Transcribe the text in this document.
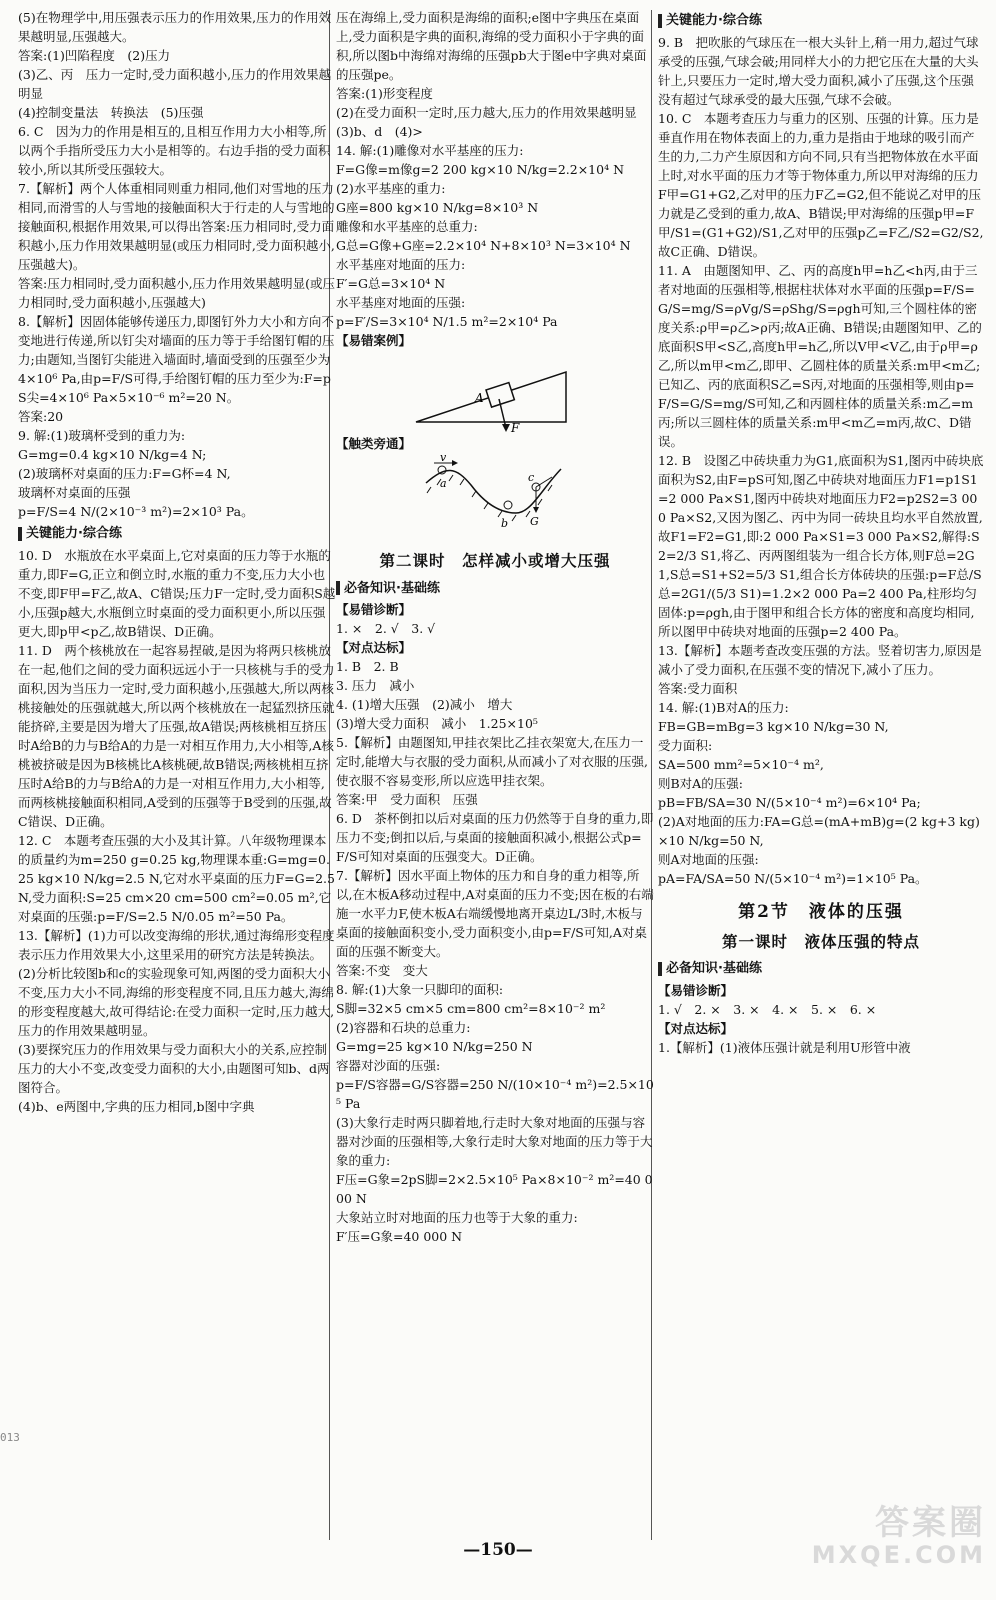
(5)在物理学中,用压强表示压力的作用效果,压力的作用效果越明显,压强越大。

答案:(1)凹陷程度　(2)压力

(3)乙、丙　压力一定时,受力面积越小,压力的作用效果越明显

(4)控制变量法　转换法　(5)压强

6. C　因为力的作用是相互的,且相互作用力大小相等,所以两个手指所受压力大小是相等的。右边手指的受力面积较小,所以其所受压强较大。

7.【解析】两个人体重相同则重力相同,他们对雪地的压力相同,而滑雪的人与雪地的接触面积大于行走的人与雪地的接触面积,根据作用效果,可以得出答案:压力相同时,受力面积越小,压力作用效果越明显(或压力相同时,受力面积越小,压强越大)。

答案:压力相同时,受力面积越小,压力作用效果越明显(或压力相同时,受力面积越小,压强越大)

8.【解析】因固体能够传递压力,即图钉外力大小和方向不变地进行传递,所以钉尖对墙面的压力等于手给图钉帽的压力;由题知,当图钉尖能进入墙面时,墙面受到的压强至少为4×10⁶ Pa,由p=F/S可得,手给图钉帽的压力至少为:F=pS尖=4×10⁶ Pa×5×10⁻⁶ m²=20 N。

答案:20

9. 解:(1)玻璃杯受到的重力为:

G=mg=0.4 kg×10 N/kg=4 N;

(2)玻璃杯对桌面的压力:F=G杯=4 N,

玻璃杯对桌面的压强

p=F/S=4 N/(2×10⁻³ m²)=2×10³ Pa。

关键能力·综合练

10. D　水瓶放在水平桌面上,它对桌面的压力等于水瓶的重力,即F=G,正立和倒立时,水瓶的重力不变,压力大小也不变,即F甲=F乙,故A、C错误;压力F一定时,受力面积S越小,压强p越大,水瓶倒立时桌面的受力面积更小,所以压强更大,即p甲<p乙,故B错误、D正确。

11. D　两个核桃放在一起容易捏破,是因为将两只核桃放在一起,他们之间的受力面积远远小于一只核桃与手的受力面积,因为当压力一定时,受力面积越小,压强越大,所以两核桃接触处的压强就越大,所以两个核桃放在一起猛烈挤压就能挤碎,主要是因为增大了压强,故A错误;两核桃相互挤压时A给B的力与B给A的力是一对相互作用力,大小相等,A核桃被挤破是因为B核桃比A核桃硬,故B错误;两核桃相互挤压时A给B的力与B给A的力是一对相互作用力,大小相等,而两核桃接触面积相同,A受到的压强等于B受到的压强,故C错误、D正确。

12. C　本题考查压强的大小及其计算。八年级物理课本的质量约为m=250 g=0.25 kg,物理课本重:G=mg=0.25 kg×10 N/kg=2.5 N,它对水平桌面的压力F=G=2.5 N,受力面积:S=25 cm×20 cm=500 cm²=0.05 m²,它对桌面的压强:p=F/S=2.5 N/0.05 m²=50 Pa。

13.【解析】(1)力可以改变海绵的形状,通过海绵形变程度表示压力作用效果大小,这里采用的研究方法是转换法。

(2)分析比较图b和c的实验现象可知,两图的受力面积大小不变,压力大小不同,海绵的形变程度不同,且压力越大,海绵的形变程度越大,故可得结论:在受力面积一定时,压力越大,压力的作用效果越明显。

(3)要探究压力的作用效果与受力面积大小的关系,应控制压力的大小不变,改变受力面积的大小,由题图可知b、d两图符合。

(4)b、e两图中,字典的压力相同,b图中字典

压在海绵上,受力面积是海绵的面积;e图中字典压在桌面上,受力面积是字典的面积,海绵的受力面积小于字典的面积,所以图b中海绵对海绵的压强pb大于图e中字典对桌面的压强pe。

答案:(1)形变程度

(2)在受力面积一定时,压力越大,压力的作用效果越明显

(3)b、d　(4)>

14. 解:(1)雕像对水平基座的压力:

F=G像=m像g=2 200 kg×10 N/kg=2.2×10⁴ N

(2)水平基座的重力:

G座=800 kg×10 N/kg=8×10³ N

雕像和水平基座的总重力:

G总=G像+G座=2.2×10⁴ N+8×10³ N=3×10⁴ N

水平基座对地面的压力:

F′=G总=3×10⁴ N

水平基座对地面的压强:

p=F′/S=3×10⁴ N/1.5 m²=2×10⁴ Pa

【易错案例】

A
F

【触类旁通】

v
a
b
c
G
第二课时　怎样减小或增大压强
必备知识·基础练

【易错诊断】

1. ×　2. √　3. √

【对点达标】

1. B　2. B

3. 压力　减小

4. (1)增大压强　(2)减小　增大

(3)增大受力面积　减小　1.25×10⁵

5.【解析】由题图知,甲挂衣架比乙挂衣架宽大,在压力一定时,能增大与衣服的受力面积,从而减小了对衣服的压强,使衣服不容易变形,所以应选甲挂衣架。

答案:甲　受力面积　压强

6. D　茶杯倒扣以后对桌面的压力仍然等于自身的重力,即压力不变;倒扣以后,与桌面的接触面积减小,根据公式p=F/S可知对桌面的压强变大。D正确。

7.【解析】因水平面上物体的压力和自身的重力相等,所以,在木板A移动过程中,A对桌面的压力不变;因在板的右端施一水平力F,使木板A右端缓慢地离开桌边L/3时,木板与桌面的接触面积变小,受力面积变小,由p=F/S可知,A对桌面的压强不断变大。

答案:不变　变大

8. 解:(1)大象一只脚印的面积:

S脚=32×5 cm×5 cm=800 cm²=8×10⁻² m²

(2)容器和石块的总重力:

G=mg=25 kg×10 N/kg=250 N

容器对沙面的压强:

p=F/S容器=G/S容器=250 N/(10×10⁻⁴ m²)=2.5×10⁵ Pa

(3)大象行走时两只脚着地,行走时大象对地面的压强与容器对沙面的压强相等,大象行走时大象对地面的压力等于大象的重力:

F压=G象=2pS脚=2×2.5×10⁵ Pa×8×10⁻² m²=40 000 N

大象站立时对地面的压力也等于大象的重力:

F′压=G象=40 000 N

关键能力·综合练

9. B　把吹胀的气球压在一根大头针上,稍一用力,超过气球承受的压强,气球会破;用同样大小的力把它压在大量的大头针上,只要压力一定时,增大受力面积,减小了压强,这个压强没有超过气球承受的最大压强,气球不会破。

10. C　本题考查压力与重力的区别、压强的计算。压力是垂直作用在物体表面上的力,重力是指由于地球的吸引而产生的力,二力产生原因和方向不同,只有当把物体放在水平面上时,对水平面的压力才等于物体重力,所以甲对海绵的压力F甲=G1+G2,乙对甲的压力F乙=G2,但不能说乙对甲的压力就是乙受到的重力,故A、B错误;甲对海绵的压强p甲=F甲/S1=(G1+G2)/S1,乙对甲的压强p乙=F乙/S2=G2/S2,故C正确、D错误。

11. A　由题图知甲、乙、丙的高度h甲=h乙<h丙,由于三者对地面的压强相等,根据柱状体对水平面的压强p=F/S=G/S=mg/S=ρVg/S=ρShg/S=ρgh可知,三个圆柱体的密度关系:ρ甲=ρ乙>ρ丙;故A正确、B错误;由题图知甲、乙的底面积S甲<S乙,高度h甲=h乙,所以V甲<V乙,由于ρ甲=ρ乙,所以m甲<m乙,即甲、乙圆柱体的质量关系:m甲<m乙;已知乙、丙的底面积S乙=S丙,对地面的压强相等,则由p=F/S=G/S=mg/S可知,乙和丙圆柱体的质量关系:m乙=m丙;所以三圆柱体的质量关系:m甲<m乙=m丙,故C、D错误。

12. B　设图乙中砖块重力为G1,底面积为S1,图丙中砖块底面积为S2,由F=pS可知,图乙中砖块对地面压力F1=p1S1=2 000 Pa×S1,图丙中砖块对地面压力F2=p2S2=3 000 Pa×S2,又因为图乙、丙中为同一砖块且均水平自然放置,故F1=F2=G1,即:2 000 Pa×S1=3 000 Pa×S2,解得:S2=2/3 S1,将乙、丙两图组装为一组合长方体,则F总=2G1,S总=S1+S2=5/3 S1,组合长方体砖块的压强:p=F总/S总=2G1/(5/3 S1)=1.2×2 000 Pa=2 400 Pa,柱形均匀固体:p=ρgh,由于图甲和组合长方体的密度和高度均相同,所以图甲中砖块对地面的压强p=2 400 Pa。

13.【解析】本题考查改变压强的方法。竖着切害力,原因是减小了受力面积,在压强不变的情况下,减小了压力。

答案:受力面积

14. 解:(1)B对A的压力:

FB=GB=mBg=3 kg×10 N/kg=30 N,

受力面积:

SA=500 mm²=5×10⁻⁴ m²,

则B对A的压强:

pB=FB/SA=30 N/(5×10⁻⁴ m²)=6×10⁴ Pa;

(2)A对地面的压力:FA=G总=(mA+mB)g=(2 kg+3 kg)×10 N/kg=50 N,

则A对地面的压强:

pA=FA/SA=50 N/(5×10⁻⁴ m²)=1×10⁵ Pa。

第2节　液体的压强
第一课时　液体压强的特点
必备知识·基础练

【易错诊断】

1. √　2. ×　3. ×　4. ×　5. ×　6. ×

【对点达标】

1.【解析】(1)液体压强计就是利用U形管中液

013
—150—
答案圈
MXQE.COM
